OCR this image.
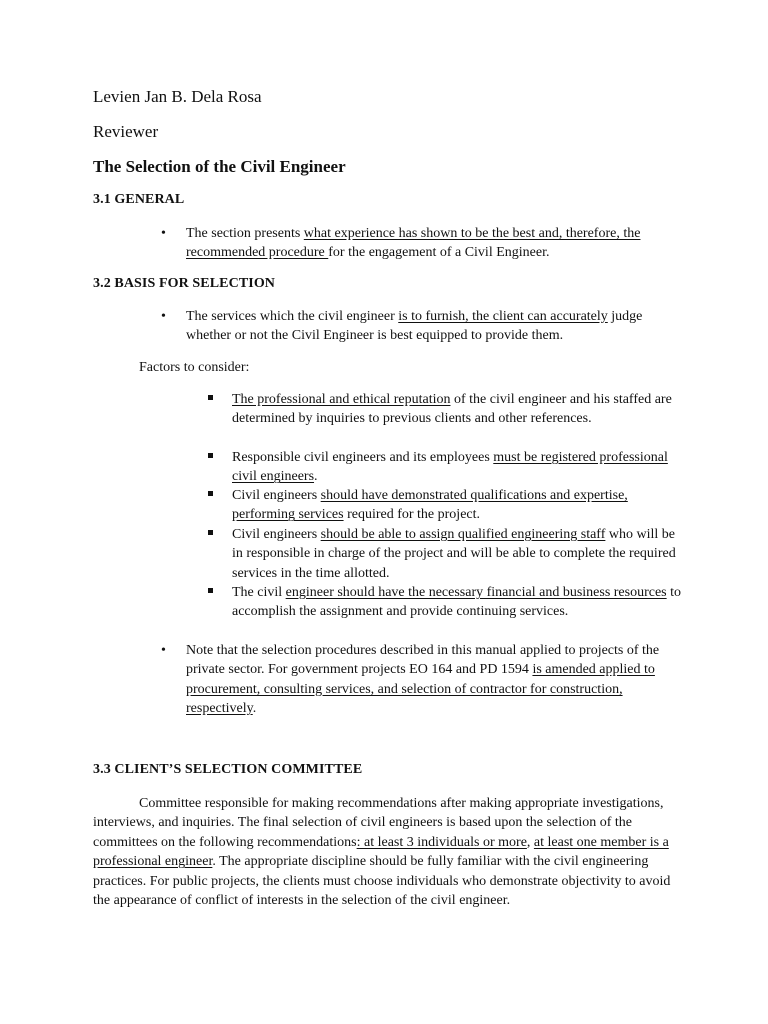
Levien Jan B. Dela Rosa
Reviewer
The Selection of the Civil Engineer
3.1 GENERAL

• The section presents what experience has shown to be the best and, therefore, the recommended procedure for the engagement of a Civil Engineer.

3.2 BASIS FOR SELECTION

• The services which the civil engineer is to furnish, the client can accurately judge whether or not the Civil Engineer is best equipped to provide them.

Factors to consider:

The professional and ethical reputation of the civil engineer and his staffed are determined by inquiries to previous clients and other references.

Responsible civil engineers and its employees must be registered professional civil engineers.

Civil engineers should have demonstrated qualifications and expertise, performing services required for the project.

Civil engineers should be able to assign qualified engineering staff who will be in responsible in charge of the project and will be able to complete the required services in the time allotted.

The civil engineer should have the necessary financial and business resources to accomplish the assignment and provide continuing services.

• Note that the selection procedures described in this manual applied to projects of the private sector. For government projects EO 164 and PD 1594 is amended applied to procurement, consulting services, and selection of contractor for construction, respectively.

3.3 CLIENT’S SELECTION COMMITTEE

Committee responsible for making recommendations after making appropriate investigations, interviews, and inquiries. The final selection of civil engineers is based upon the selection of the committees on the following recommendations: at least 3 individuals or more, at least one member is a professional engineer. The appropriate discipline should be fully familiar with the civil engineering practices. For public projects, the clients must choose individuals who demonstrate objectivity to avoid the appearance of conflict of interests in the selection of the civil engineer.
